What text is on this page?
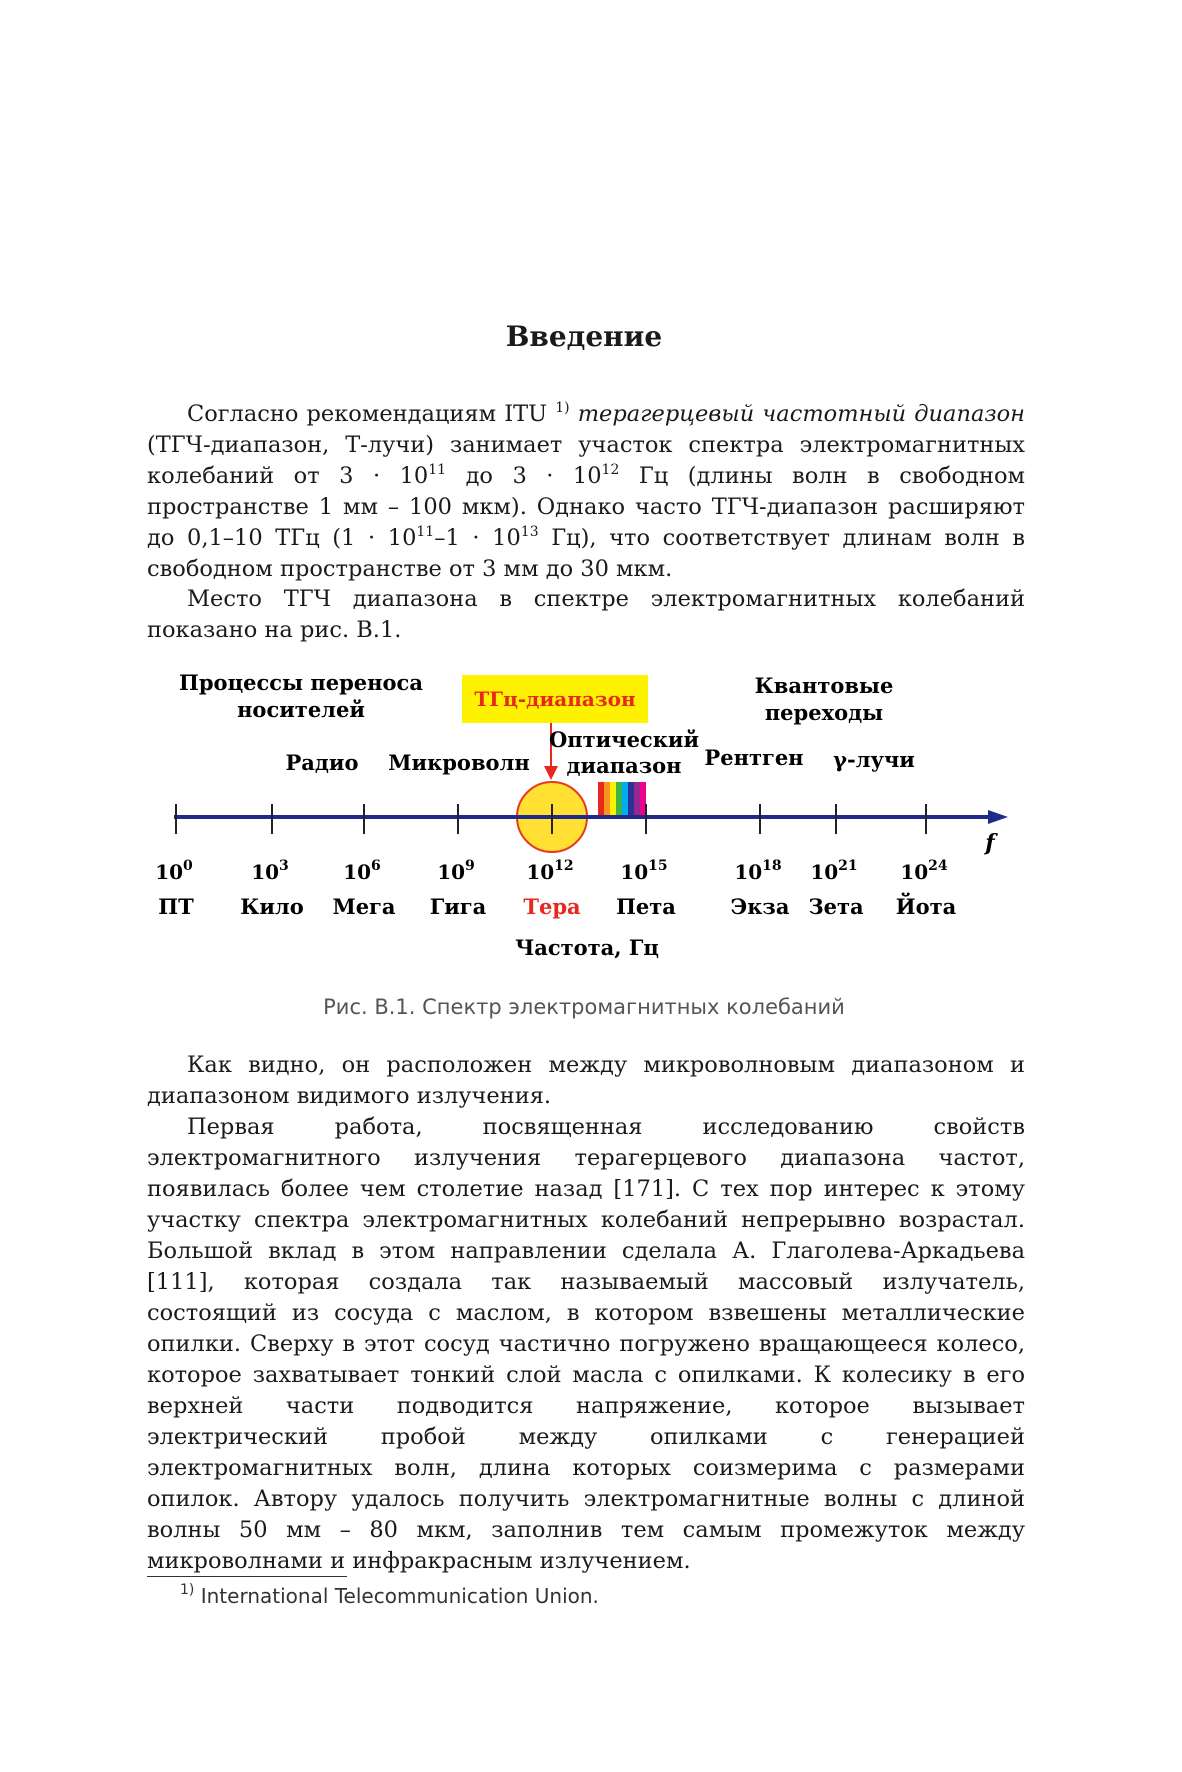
Введение

Согласно рекомендациям ITU $^{1)}$ терагерцевый частотный диапазон (ТГЧ-диапазон, Т-лучи) занимает участок спектра электромагнитных колебаний от $3 \cdot 10^{11}$ до $3 \cdot 10^{12}$ Гц (длины волн в свободном пространстве 1 мм – 100 мкм). Однако часто ТГЧ-диапазон расширяют до 0,1–10 ТГц ($1 \cdot 10^{11}-1 \cdot 10^{13}$ Гц), что соответствует длинам волн в свободном пространстве от 3 мм до 30 мкм.

Место ТГЧ диапазона в спектре электромагнитных колебаний показано на рис. В.1.

Процессы переноса
носителей
Квантовые
переходы
ТГц-диапазон
Радио Микроволн
Оптический
диапазон Рентген γ-лучи
f
$10^0$
ПТ
$10^3$
Кило
$10^6$
Мега
$10^9$
Гига
$10^{12}$
Тера
$10^{15}$
Пета
$10^{18}$
Экза
$10^{21}$
Зета
$10^{24}$
Йота
Частота, Гц
Рис. В.1. Спектр электромагнитных колебаний

Как видно, он расположен между микроволновым диапазоном и диапазоном видимого излучения.

Первая работа, посвященная исследованию свойств электромагнитного излучения терагерцевого диапазона частот, появилась более чем столетие назад [171]. С тех пор интерес к этому участку спектра электромагнитных колебаний непрерывно возрастал. Большой вклад в этом направлении сделала А. Глаголева-Аркадьева [111], которая создала так называемый массовый излучатель, состоящий из сосуда с маслом, в котором взвешены металлические опилки. Сверху в этот сосуд частично погружено вращающееся колесо, которое захватывает тонкий слой масла с опилками. К колесику в его верхней части подводится напряжение, которое вызывает электрический пробой между опилками с генерацией электромагнитных волн, длина которых соизмерима с размерами опилок. Автору удалось получить электромагнитные волны с длиной волны 50 мм – 80 мкм, заполнив тем самым промежуток между микроволнами и инфракрасным излучением.

$^{1)}$ International Telecommunication Union.
